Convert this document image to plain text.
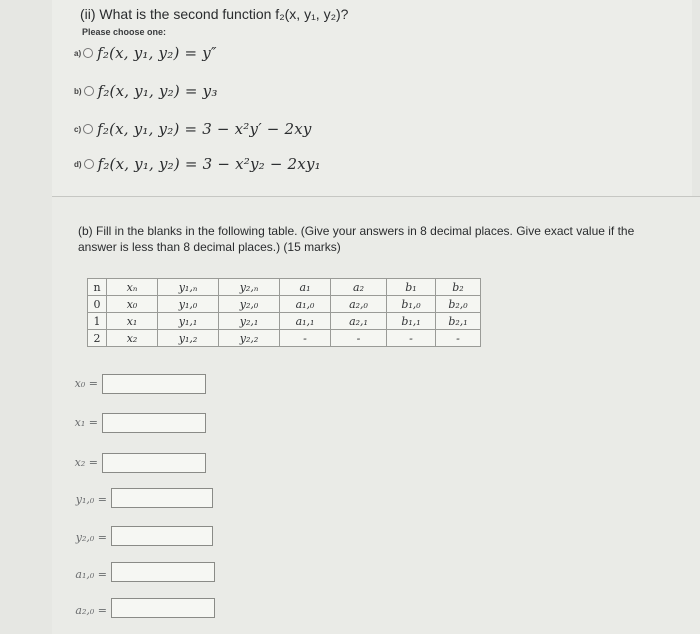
(ii) What is the second function f₂(x, y₁, y₂)?
Please choose one:
a) f₂(x, y₁, y₂) = y″
b) f₂(x, y₁, y₂) = y₃
c) f₂(x, y₁, y₂) = 3 − x²y′ − 2xy
d) f₂(x, y₁, y₂) = 3 − x²y₂ − 2xy₁
(b) Fill in the blanks in the following table. (Give your answers in 8 decimal places. Give exact value if the answer is less than 8 decimal places.) (15 marks)
n	xₙ	y₁,ₙ	y₂,ₙ	a₁	a₂	b₁	b₂
0	x₀	y₁,₀	y₂,₀	a₁,₀	a₂,₀	b₁,₀	b₂,₀
1	x₁	y₁,₁	y₂,₁	a₁,₁	a₂,₁	b₁,₁	b₂,₁
2	x₂	y₁,₂	y₂,₂	-	-	-	-
x₀ =
x₁ =
x₂ =
y₁,₀ =
y₂,₀ =
a₁,₀ =
a₂,₀ =
